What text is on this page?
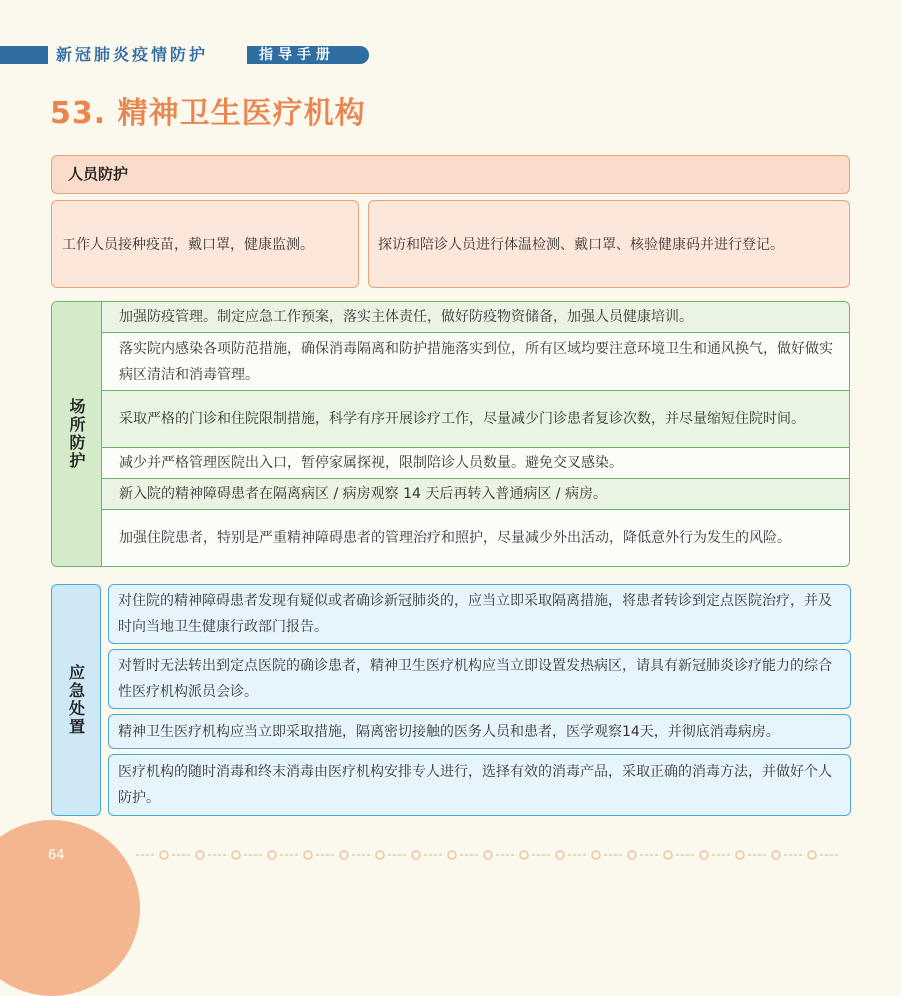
新冠肺炎疫情防护	指导手册
53. 精神卫生医疗机构
人员防护
工作人员接种疫苗，戴口罩，健康监测。	探访和陪诊人员进行体温检测、戴口罩、核验健康码并进行登记。
场所防护
加强防疫管理。制定应急工作预案，落实主体责任，做好防疫物资储备，加强人员健康培训。
落实院内感染各项防范措施，确保消毒隔离和防护措施落实到位，所有区域均要注意环境卫生和通风换气，做好做实病区清洁和消毒管理。
采取严格的门诊和住院限制措施，科学有序开展诊疗工作，尽量减少门诊患者复诊次数，并尽量缩短住院时间。
减少并严格管理医院出入口，暂停家属探视，限制陪诊人员数量。避免交叉感染。
新入院的精神障碍患者在隔离病区 / 病房观察 14 天后再转入普通病区 / 病房。
加强住院患者，特别是严重精神障碍患者的管理治疗和照护，尽量减少外出活动，降低意外行为发生的风险。
应急处置
对住院的精神障碍患者发现有疑似或者确诊新冠肺炎的，应当立即采取隔离措施，将患者转诊到定点医院治疗，并及时向当地卫生健康行政部门报告。
对暂时无法转出到定点医院的确诊患者，精神卫生医疗机构应当立即设置发热病区，请具有新冠肺炎诊疗能力的综合性医疗机构派员会诊。
精神卫生医疗机构应当立即采取措施，隔离密切接触的医务人员和患者，医学观察14天，并彻底消毒病房。
医疗机构的随时消毒和终末消毒由医疗机构安排专人进行，选择有效的消毒产品，采取正确的消毒方法，并做好个人防护。
64
